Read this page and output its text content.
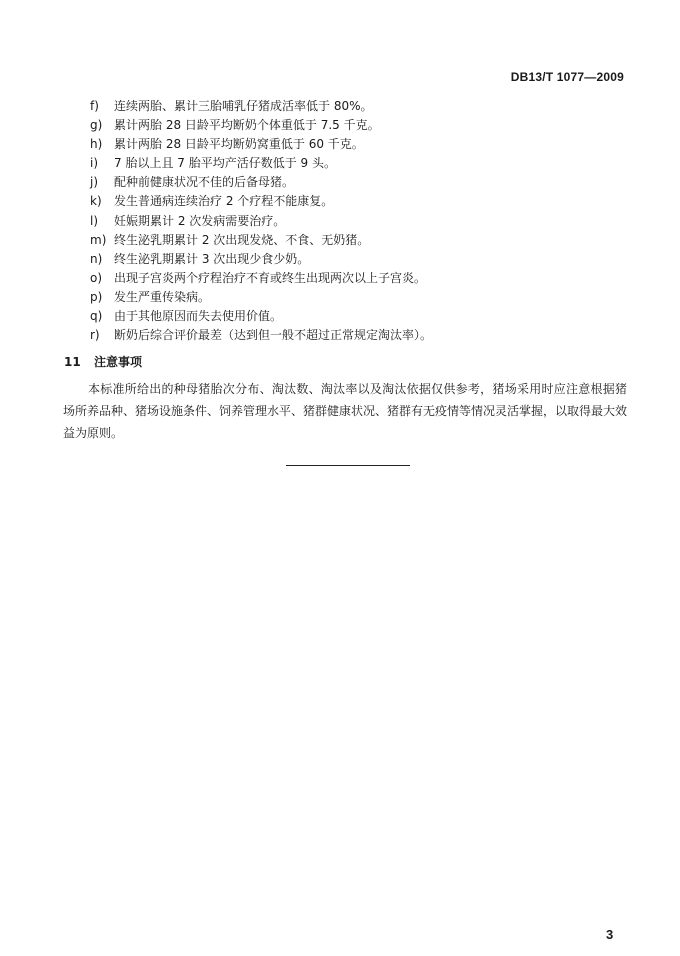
DB13/T 1077—2009
f)	连续两胎、累计三胎哺乳仔猪成活率低于 80%。
g) 累计两胎 28 日龄平均断奶个体重低于 7.5 千克。
h) 累计两胎 28 日龄平均断奶窝重低于 60 千克。
i)	7 胎以上且 7 胎平均产活仔数低于 9 头。
j)	配种前健康状况不佳的后备母猪。
k)	发生普通病连续治疗 2 个疗程不能康复。
l)	妊娠期累计 2 次发病需要治疗。
m) 终生泌乳期累计 2 次出现发烧、不食、无奶猪。
n) 终生泌乳期累计 3 次出现少食少奶。
o) 出现子宫炎两个疗程治疗不育或终生出现两次以上子宫炎。
p) 发生严重传染病。
q) 由于其他原因而失去使用价值。
r)	断奶后综合评价最差（达到但一般不超过正常规定淘汰率）。
11 注意事项

本标准所给出的种母猪胎次分布、淘汰数、淘汰率以及淘汰依据仅供参考，猪场采用时应注意根据猪场所养品种、猪场设施条件、饲养管理水平、猪群健康状况、猪群有无疫情等情况灵活掌握，以取得最大效益为原则。

3
